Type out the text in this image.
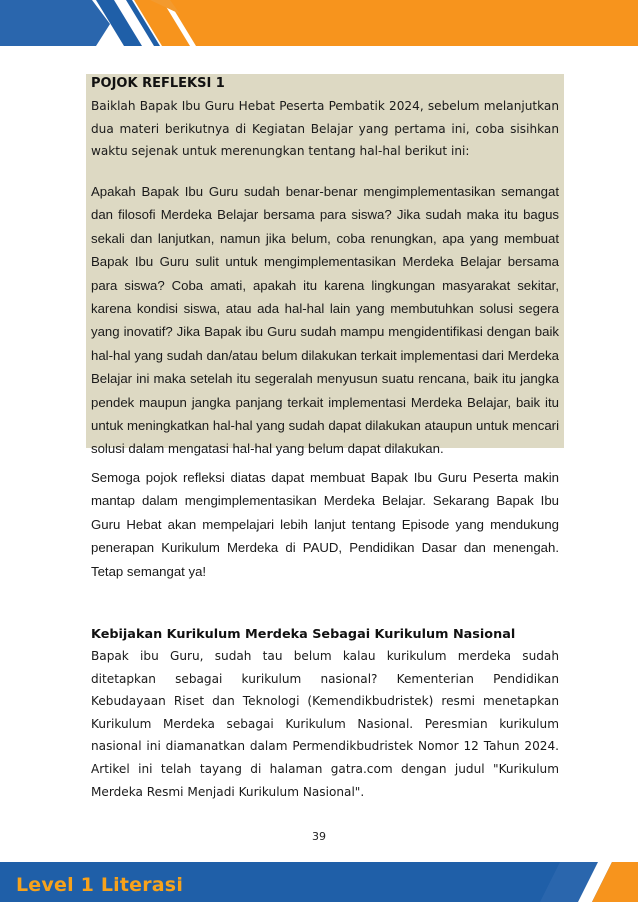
POJOK REFLEKSI 1

Baiklah Bapak Ibu Guru Hebat Peserta Pembatik 2024, sebelum melanjutkan dua materi berikutnya di Kegiatan Belajar yang pertama ini, coba sisihkan waktu sejenak untuk merenungkan tentang hal-hal berikut ini:

Apakah Bapak Ibu Guru sudah benar-benar mengimplementasikan semangat dan filosofi Merdeka Belajar bersama para siswa? Jika sudah maka itu bagus sekali dan lanjutkan, namun jika belum, coba renungkan, apa yang membuat Bapak Ibu Guru sulit untuk mengimplementasikan Merdeka Belajar bersama para siswa? Coba amati, apakah itu karena lingkungan masyarakat sekitar, karena kondisi siswa, atau ada hal-hal lain yang membutuhkan solusi segera yang inovatif? Jika Bapak ibu Guru sudah mampu mengidentifikasi dengan baik hal-hal yang sudah dan/atau belum dilakukan terkait implementasi dari Merdeka Belajar ini maka setelah itu segeralah menyusun suatu rencana, baik itu jangka pendek maupun jangka panjang terkait implementasi Merdeka Belajar, baik itu untuk meningkatkan hal-hal yang sudah dapat dilakukan ataupun untuk mencari solusi dalam mengatasi hal-hal yang belum dapat dilakukan.

Semoga pojok refleksi diatas dapat membuat Bapak Ibu Guru Peserta makin mantap dalam mengimplementasikan Merdeka Belajar. Sekarang Bapak Ibu Guru Hebat akan mempelajari lebih lanjut tentang Episode yang mendukung penerapan Kurikulum Merdeka di PAUD, Pendidikan Dasar dan menengah. Tetap semangat ya!

Kebijakan Kurikulum Merdeka Sebagai Kurikulum Nasional

Bapak ibu Guru, sudah tau belum kalau kurikulum merdeka sudah ditetapkan sebagai kurikulum nasional? Kementerian Pendidikan Kebudayaan Riset dan Teknologi (Kemendikbudristek) resmi menetapkan Kurikulum Merdeka sebagai Kurikulum Nasional. Peresmian kurikulum nasional ini diamanatkan dalam Permendikbudristek Nomor 12 Tahun 2024. Artikel ini telah tayang di halaman gatra.com dengan judul "Kurikulum Merdeka Resmi Menjadi Kurikulum Nasional".

39
Level 1 Literasi
